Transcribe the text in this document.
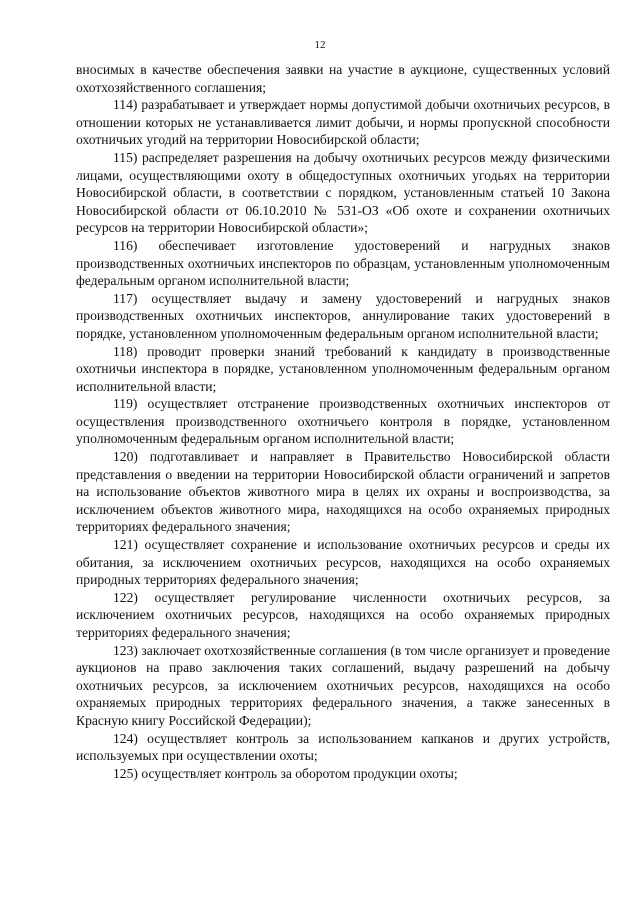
12

вносимых в качестве обеспечения заявки на участие в аукционе, существенных условий охотхозяйственного соглашения;

114) разрабатывает и утверждает нормы допустимой добычи охотничьих ресурсов, в отношении которых не устанавливается лимит добычи, и нормы пропускной способности охотничьих угодий на территории Новосибирской области;

115) распределяет разрешения на добычу охотничьих ресурсов между физическими лицами, осуществляющими охоту в общедоступных охотничьих угодьях на территории Новосибирской области, в соответствии с порядком, установленным статьей 10 Закона Новосибирской области от 06.10.2010 № 531-ОЗ «Об охоте и сохранении охотничьих ресурсов на территории Новосибирской области»;

116) обеспечивает изготовление удостоверений и нагрудных знаков производственных охотничьих инспекторов по образцам, установленным уполномоченным федеральным органом исполнительной власти;

117) осуществляет выдачу и замену удостоверений и нагрудных знаков производственных охотничьих инспекторов, аннулирование таких удостоверений в порядке, установленном уполномоченным федеральным органом исполнительной власти;

118) проводит проверки знаний требований к кандидату в производственные охотничьи инспектора в порядке, установленном уполномоченным федеральным органом исполнительной власти;

119) осуществляет отстранение производственных охотничьих инспекторов от осуществления производственного охотничьего контроля в порядке, установленном уполномоченным федеральным органом исполнительной власти;

120) подготавливает и направляет в Правительство Новосибирской области представления о введении на территории Новосибирской области ограничений и запретов на использование объектов животного мира в целях их охраны и воспроизводства, за исключением объектов животного мира, находящихся на особо охраняемых природных территориях федерального значения;

121) осуществляет сохранение и использование охотничьих ресурсов и среды их обитания, за исключением охотничьих ресурсов, находящихся на особо охраняемых природных территориях федерального значения;

122) осуществляет регулирование численности охотничьих ресурсов, за исключением охотничьих ресурсов, находящихся на особо охраняемых природных территориях федерального значения;

123) заключает охотхозяйственные соглашения (в том числе организует и проведение аукционов на право заключения таких соглашений, выдачу разрешений на добычу охотничьих ресурсов, за исключением охотничьих ресурсов, находящихся на особо охраняемых природных территориях федерального значения, а также занесенных в Красную книгу Российской Федерации);

124) осуществляет контроль за использованием капканов и других устройств, используемых при осуществлении охоты;

125) осуществляет контроль за оборотом продукции охоты;
